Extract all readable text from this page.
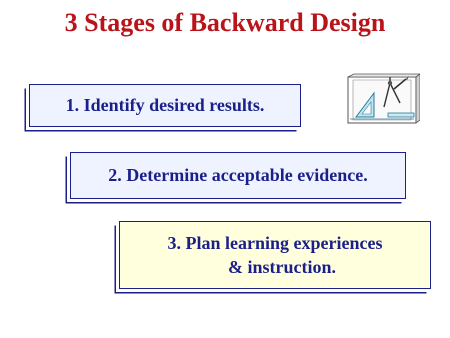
3 Stages of Backward Design
1. Identify desired results.
2. Determine acceptable evidence.
3. Plan learning experiences
& instruction.
